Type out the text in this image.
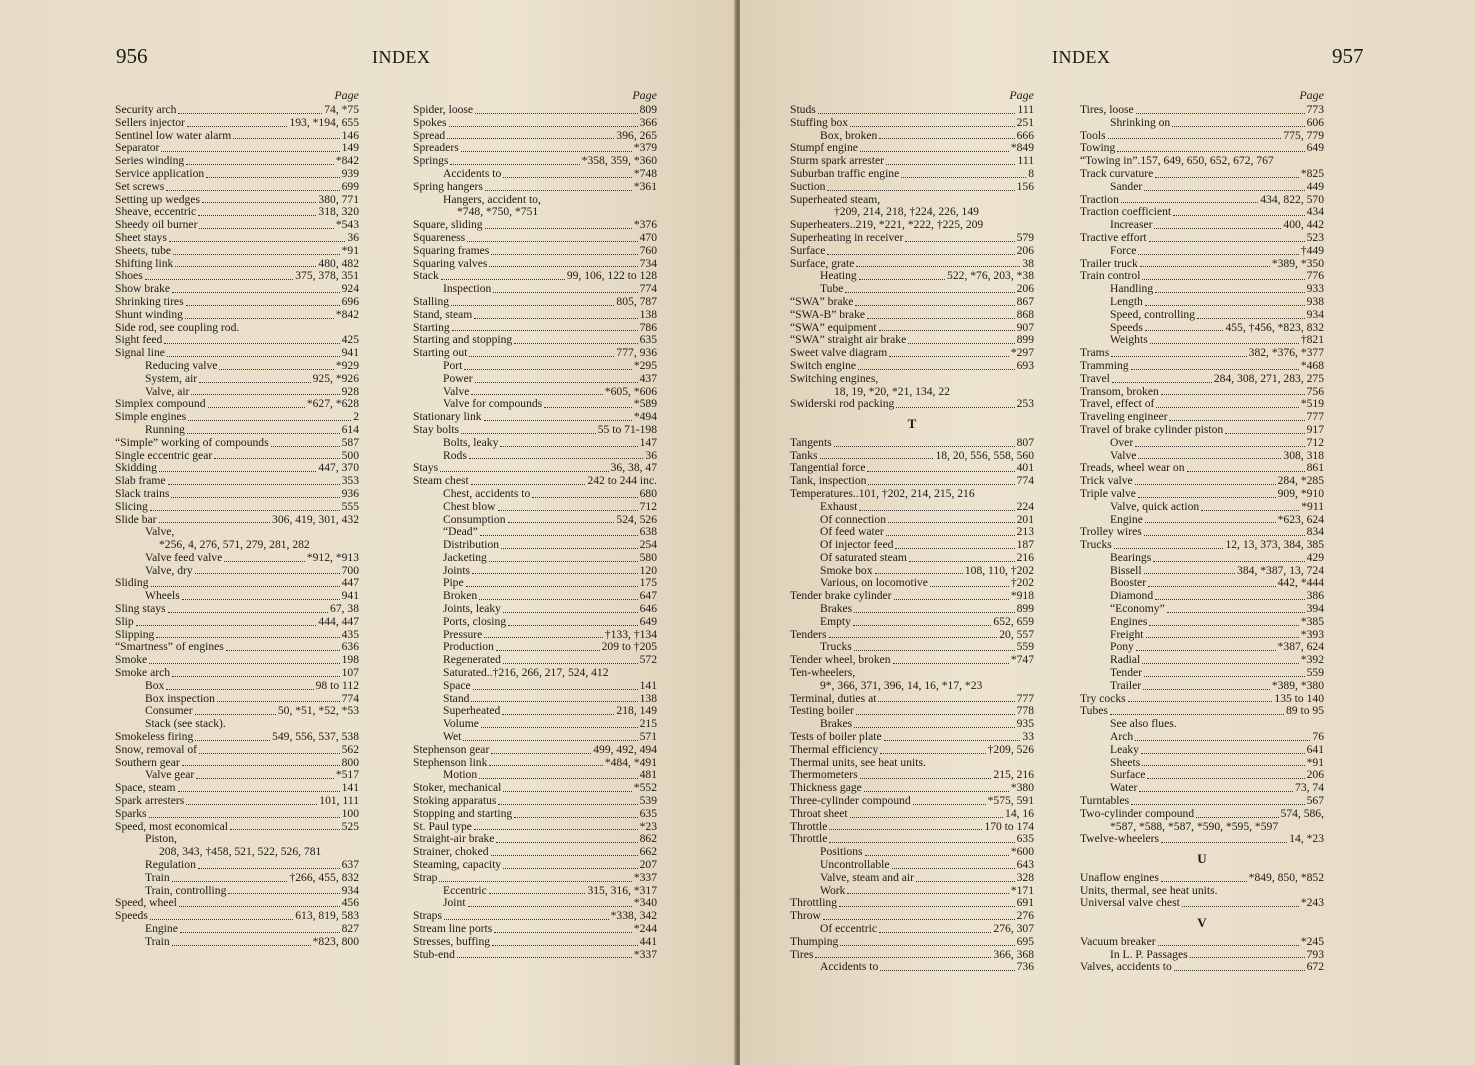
956	INDEX
Page
Security arch	74, *75
Sellers injector	193, *194, 655
Sentinel low water alarm	146
Separator	149
Series winding	*842
Service application	939
Set screws	699
Setting up wedges	380, 771
Sheave, eccentric	318, 320
Sheedy oil burner	*543
Sheet stays	36
Sheets, tube	*91
Shifting link	480, 482
Shoes	375, 378, 351
Show brake	924
Shrinking tires	696
Shunt winding	*842
Side rod, see coupling rod.
Sight feed	425
Signal line	941
Reducing valve	*929
System, air	925, *926
Valve, air	928
Simplex compound	*627, *628
Simple engines	2
Running	614
“Simple” working of compounds	587
Single eccentric gear	500
Skidding	447, 370
Slab frame	353
Slack trains	936
Slicing	555
Slide bar	306, 419, 301, 432
Valve,
*256, 4, 276, 571, 279, 281, 282
Valve feed valve	*912, *913
Valve, dry	700
Sliding	447
Wheels	941
Sling stays	67, 38
Slip	444, 447
Slipping	435
“Smartness” of engines	636
Smoke	198
Smoke arch	107
Box	98 to 112
Box inspection	774
Consumer	50, *51, *52, *53
Stack (see stack).
Smokeless firing	549, 556, 537, 538
Snow, removal of	562
Southern gear	800
Valve gear	*517
Space, steam	141
Spark arresters	101, 111
Sparks	100
Speed, most economical	525
Piston,
208, 343, †458, 521, 522, 526, 781
Regulation	637
Train	†266, 455, 832
Train, controlling	934
Speed, wheel	456
Speeds	613, 819, 583
Engine	827
Train	*823, 800
Page
Spider, loose	809
Spokes	366
Spread	396, 265
Spreaders	*379
Springs	*358, 359, *360
Accidents to	*748
Spring hangers	*361
Hangers, accident to,
*748, *750, *751
Square, sliding	*376
Squareness	470
Squaring frames	760
Squaring valves	734
Stack	99, 106, 122 to 128
Inspection	774
Stalling	805, 787
Stand, steam	138
Starting	786
Starting and stopping	635
Starting out	777, 936
Port	*295
Power	437
Valve	*605, *606
Valve for compounds	*589
Stationary link	*494
Stay bolts	55 to 71-198
Bolts, leaky	147
Rods	36
Stays	36, 38, 47
Steam chest	242 to 244 inc.
Chest, accidents to	680
Chest blow	712
Consumption	524, 526
“Dead”	638
Distribution	254
Jacketing	580
Joints	120
Pipe	175
Broken	647
Joints, leaky	646
Ports, closing	649
Pressure	†133, †134
Production	209 to †205
Regenerated	572
Saturated..†216, 266, 217, 524, 412
Space	141
Stand	138
Superheated	218, 149
Volume	215
Wet	571
Stephenson gear	499, 492, 494
Stephenson link	*484, *491
Motion	481
Stoker, mechanical	*552
Stoking apparatus	539
Stopping and starting	635
St. Paul type	*23
Straight-air brake	862
Strainer, choked	662
Steaming, capacity	207
Strap	*337
Eccentric	315, 316, *317
Joint	*340
Straps	*338, 342
Stream line ports	*244
Stresses, buffing	441
Stub-end	*337
INDEX	957
Page
Studs	111
Stuffing box	251
Box, broken	666
Stumpf engine	*849
Sturm spark arrester	111
Suburban traffic engine	8
Suction	156
Superheated steam,
†209, 214, 218, †224, 226, 149
Superheaters..219, *221, *222, †225, 209
Superheating in receiver	579
Surface	206
Surface, grate	38
Heating	522, *76, 203, *38
Tube	206
“SWA” brake	867
“SWA-B” brake	868
“SWA” equipment	907
“SWA” straight air brake	899
Sweet valve diagram	*297
Switch engine	693
Switching engines,
18, 19, *20, *21, 134, 22
Swiderski rod packing	253
T
Tangents	807
Tanks	18, 20, 556, 558, 560
Tangential force	401
Tank, inspection	774
Temperatures..101, †202, 214, 215, 216
Exhaust	224
Of connection	201
Of feed water	213
Of injector feed	187
Of saturated steam	216
Smoke box	108, 110, †202
Various, on locomotive	†202
Tender brake cylinder	*918
Brakes	899
Empty	652, 659
Tenders	20, 557
Trucks	559
Tender wheel, broken	*747
Ten-wheelers,
9*, 366, 371, 396, 14, 16, *17, *23
Terminal, duties at	777
Testing boiler	778
Brakes	935
Tests of boiler plate	33
Thermal efficiency	†209, 526
Thermal units, see heat units.
Thermometers	215, 216
Thickness gage	*380
Three-cylinder compound	*575, 591
Throat sheet	14, 16
Throttle	170 to 174
Throttle	635
Positions	*600
Uncontrollable	643
Valve, steam and air	328
Work	*171
Throttling	691
Throw	276
Of eccentric	276, 307
Thumping	695
Tires	366, 368
Accidents to	736
Page
Tires, loose	773
Shrinking on	606
Tools	775, 779
Towing	649
“Towing in”.157, 649, 650, 652, 672, 767
Track curvature	*825
Sander	449
Traction	434, 822, 570
Traction coefficient	434
Increaser	400, 442
Tractive effort	523
Force	†449
Trailer truck	*389, *350
Train control	776
Handling	933
Length	938
Speed, controlling	934
Speeds	455, †456, *823, 832
Weights	†821
Trams	382, *376, *377
Tramming	*468
Travel	284, 308, 271, 283, 275
Transom, broken	756
Travel, effect of	*519
Traveling engineer	777
Travel of brake cylinder piston	917
Over	712
Valve	308, 318
Treads, wheel wear on	861
Trick valve	284, *285
Triple valve	909, *910
Valve, quick action	*911
Engine	*623, 624
Trolley wires	834
Trucks	12, 13, 373, 384, 385
Bearings	429
Bissell	384, *387, 13, 724
Booster	442, *444
Diamond	386
“Economy”	394
Engines	*385
Freight	*393
Pony	*387, 624
Radial	*392
Tender	559
Trailer	*389, *380
Try cocks	135 to 140
Tubes	89 to 95
See also flues.
Arch	76
Leaky	641
Sheets	*91
Surface	206
Water	73, 74
Turntables	567
Two-cylinder compound	574, 586,
*587, *588, *587, *590, *595, *597
Twelve-wheelers	14, *23
U
Unaflow engines	*849, 850, *852
Units, thermal, see heat units.
Universal valve chest	*243
V
Vacuum breaker	*245
In L. P. Passages	793
Valves, accidents to	672
